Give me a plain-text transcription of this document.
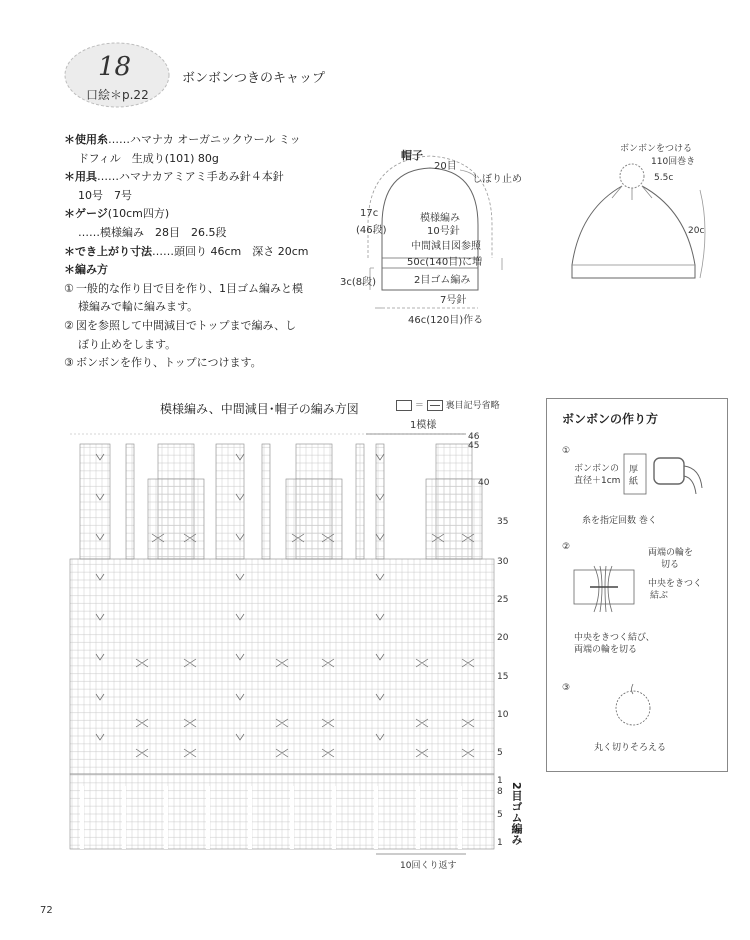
18
口絵＊p.22
ボンボンつきのキャップ
＊使用糸……ハマナカ オーガニックウール ミッ
ドフィル　生成り(101) 80g
＊用具……ハマナカアミアミ手あみ針４本針
10号　7号
＊ゲージ(10cm四方)
……模様編み　28目　26.5段
＊でき上がり寸法……頭回り 46cm　深さ 20cm
＊編み方
① 一般的な作り目で目を作り、1目ゴム編みと模
様編みで輪に編みます。
② 図を参照して中間減目でトップまで編み、し
ぼり止めをします。
③ ボンボンを作り、トップにつけます。
帽子
20目
しぼり止め
17c
(46段)
模様編み
10号針
中間減目図参照
50c(140目)に増
2目ゴム編み
3c(8段)
7号針
46c(120目)作る
ボンボンをつける
110回巻き
5.5c
20c
模様編み、中間減目･帽子の編み方図	＝ 裏目記号省略
1模様
46
45
40
35
30
25
20
15
10
5
1
8
5
1 2目ゴム編み
10回くり返す
ボンボンの作り方
①
ボンボンの
直径＋1cm
厚
紙
糸を指定回数 巻く
②
両端の輪を
切る
中央をきつく
結ぶ
中央をきつく結び、
両端の輪を切る
③
丸く切りそろえる
72
